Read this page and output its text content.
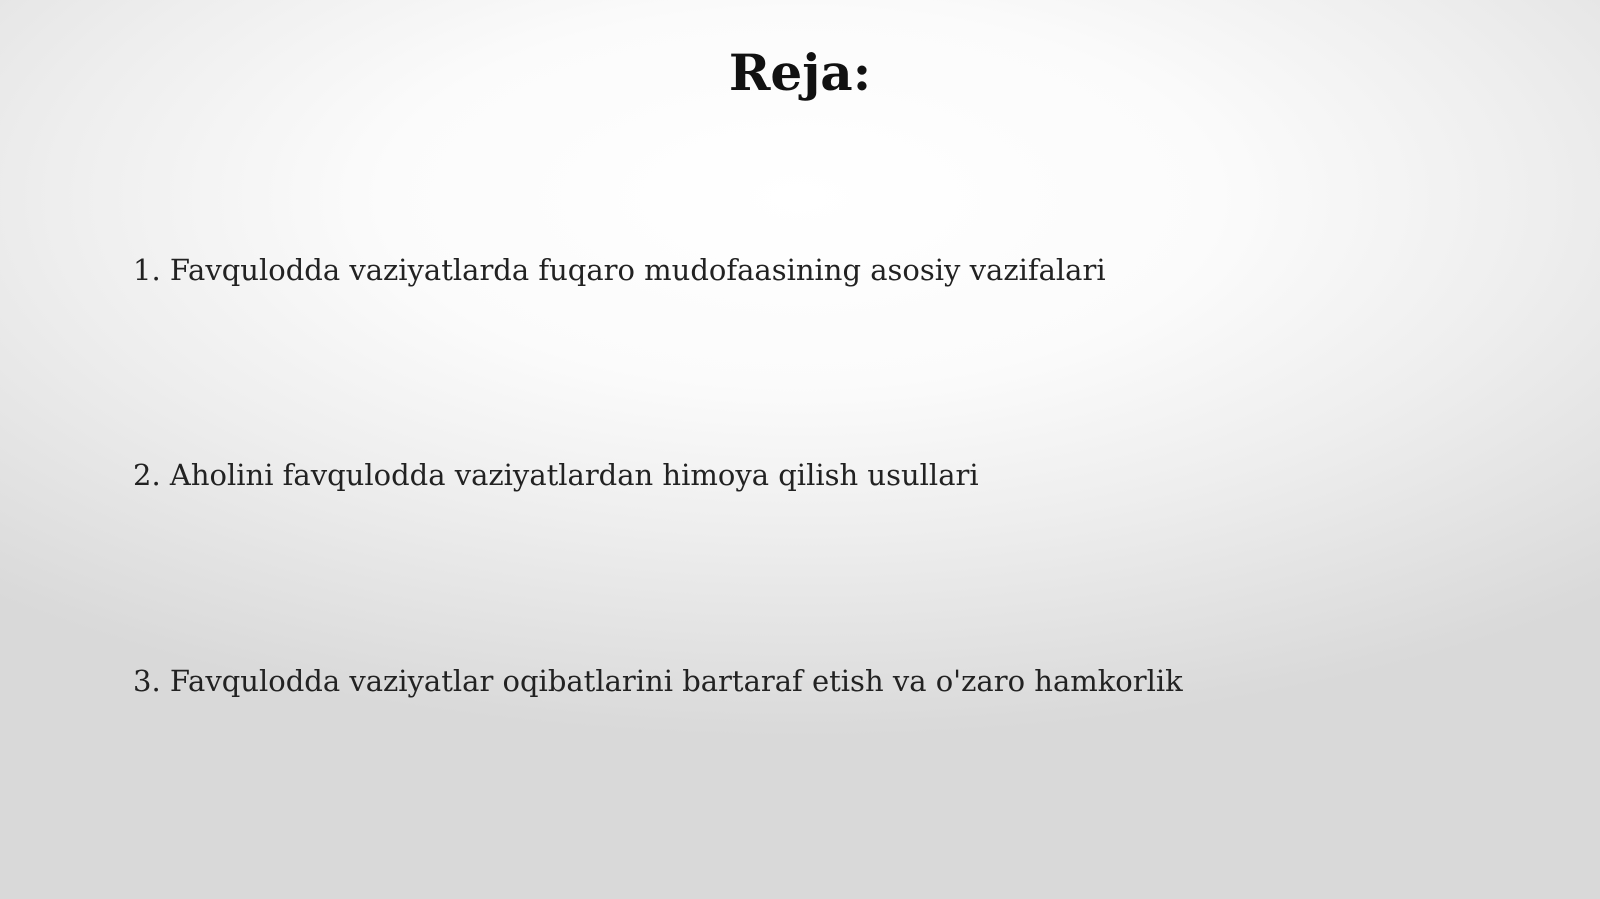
Reja:
1. Favqulodda vaziyatlarda fuqaro mudofaasining asosiy vazifalari
2. Aholini favqulodda vaziyatlardan himoya qilish usullari
3. Favqulodda vaziyatlar oqibatlarini bartaraf etish va o'zaro hamkorlik
